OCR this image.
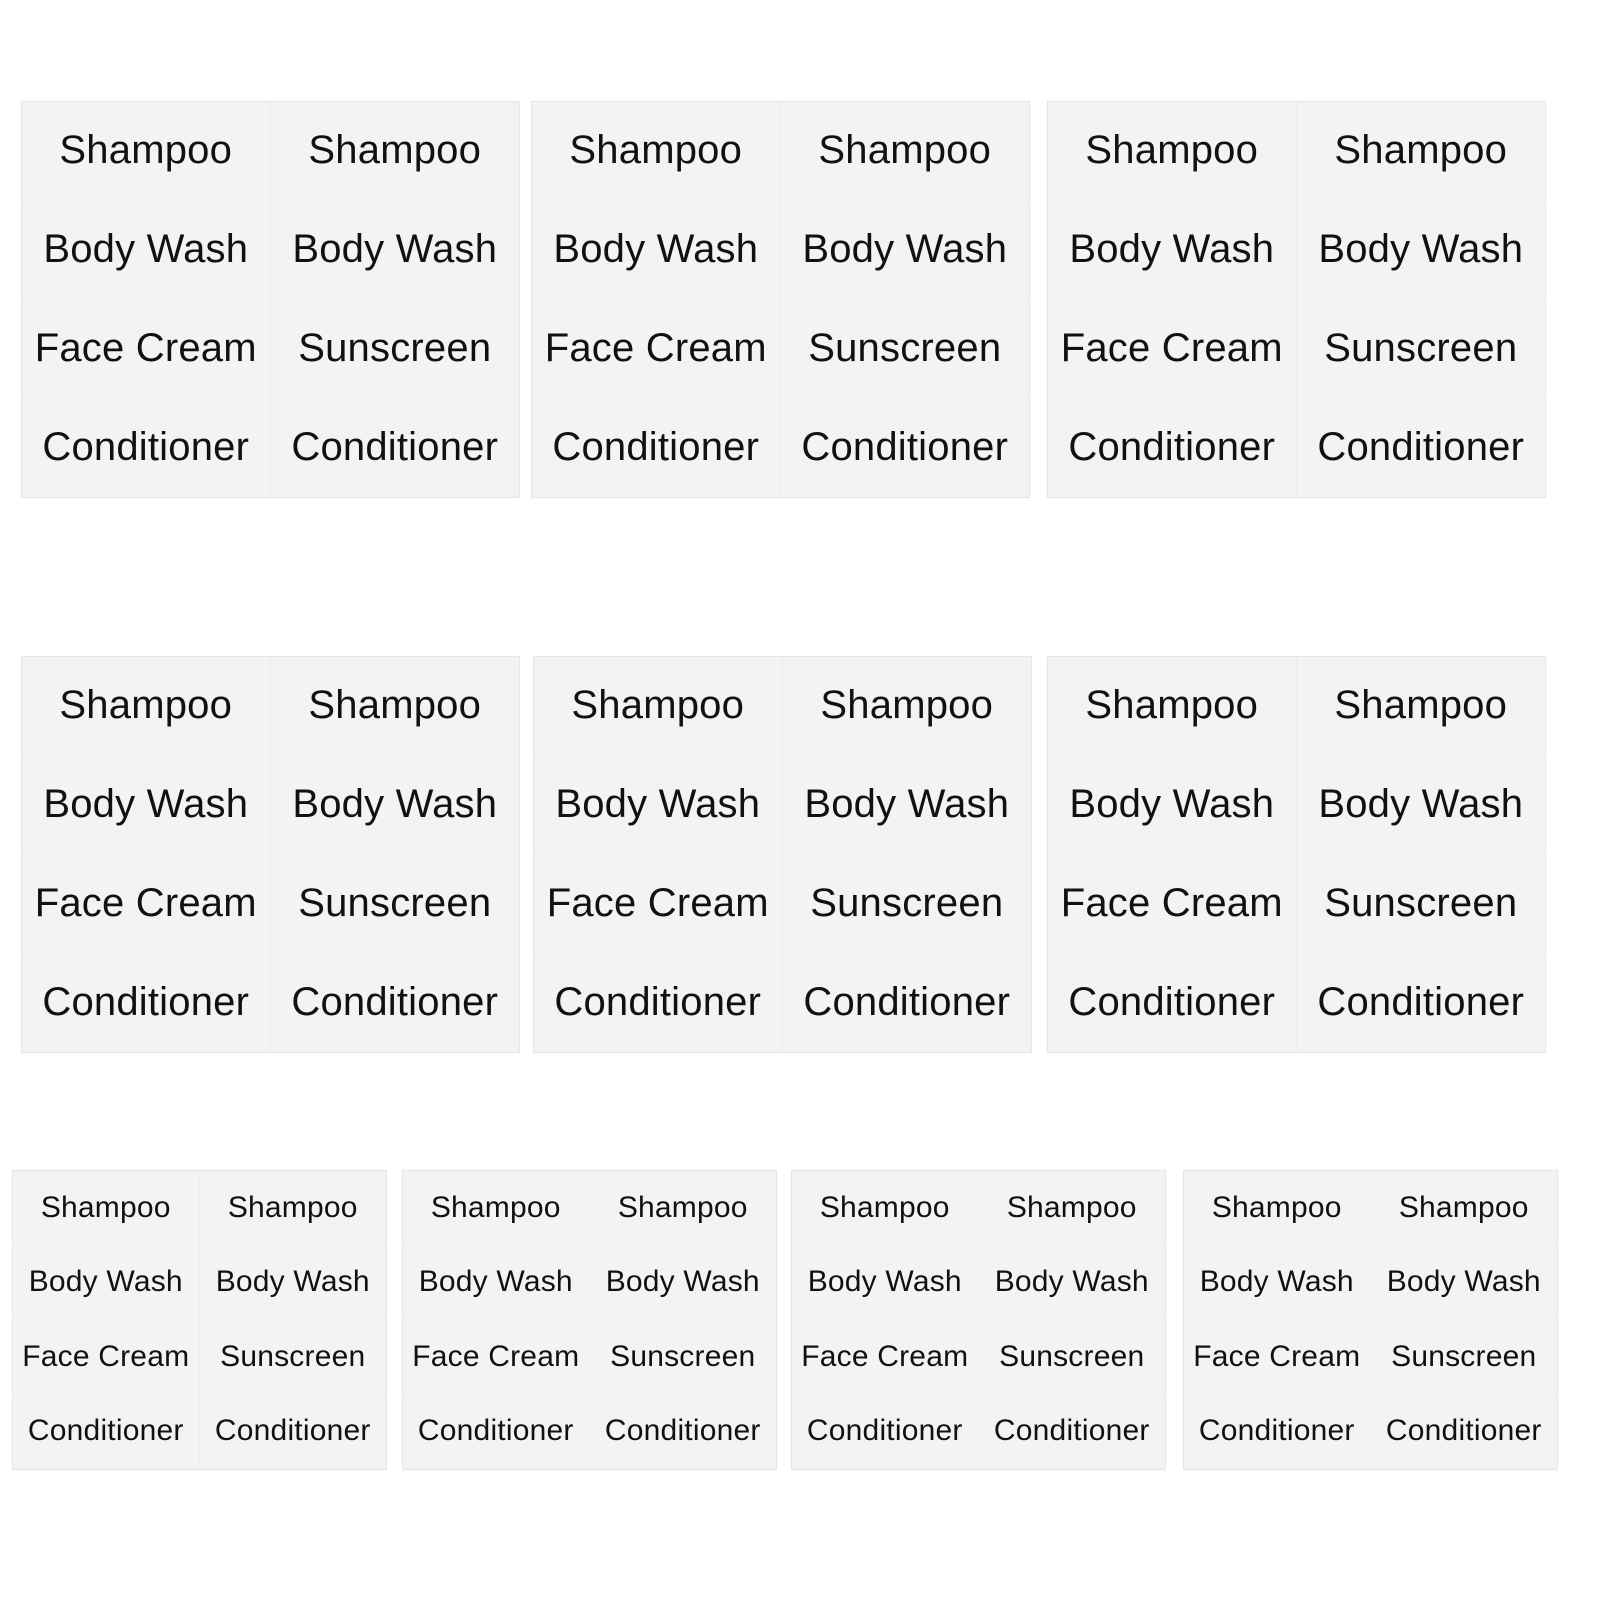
Shampoo	Shampoo
Body Wash	Body Wash
Face Cream	Sunscreen
Conditioner	Conditioner
Shampoo	Shampoo
Body Wash	Body Wash
Face Cream	Sunscreen
Conditioner	Conditioner
Shampoo	Shampoo
Body Wash	Body Wash
Face Cream	Sunscreen
Conditioner	Conditioner
Shampoo	Shampoo
Body Wash	Body Wash
Face Cream	Sunscreen
Conditioner	Conditioner
Shampoo	Shampoo
Body Wash	Body Wash
Face Cream	Sunscreen
Conditioner	Conditioner
Shampoo	Shampoo
Body Wash	Body Wash
Face Cream	Sunscreen
Conditioner	Conditioner
Shampoo	Shampoo
Body Wash	Body Wash
Face Cream	Sunscreen
Conditioner	Conditioner
Shampoo	Shampoo
Body Wash	Body Wash
Face Cream	Sunscreen
Conditioner	Conditioner
Shampoo	Shampoo
Body Wash	Body Wash
Face Cream	Sunscreen
Conditioner	Conditioner
Shampoo	Shampoo
Body Wash	Body Wash
Face Cream	Sunscreen
Conditioner	Conditioner
